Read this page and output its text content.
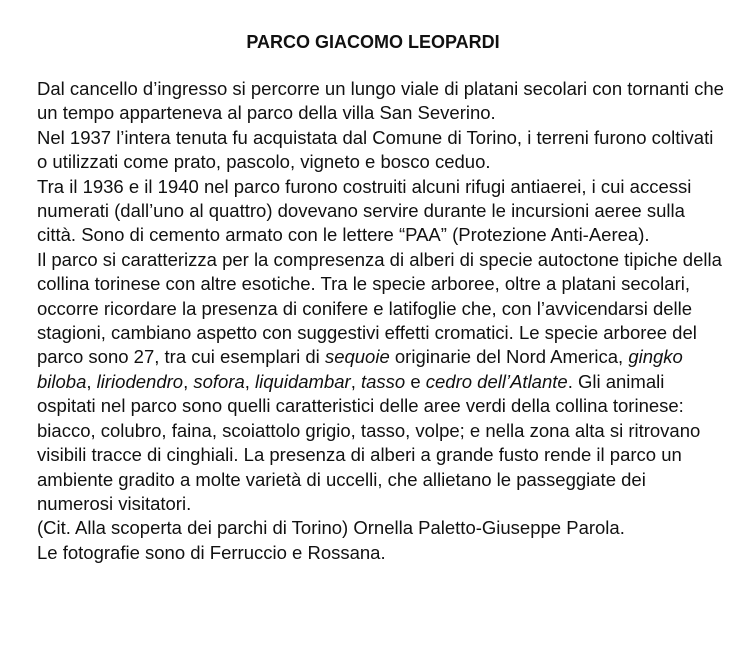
PARCO GIACOMO LEOPARDI

Dal cancello d’ingresso si percorre un lungo viale di platani secolari con tornanti che un tempo apparteneva al parco della villa San Severino.

Nel 1937 l’intera tenuta fu acquistata dal Comune di Torino, i terreni furono coltivati o utilizzati come prato, pascolo, vigneto e bosco ceduo.

Tra il 1936 e il 1940 nel parco furono costruiti alcuni rifugi antiaerei, i cui accessi numerati (dall’uno al quattro) dovevano servire durante le incursioni aeree sulla città. Sono di cemento armato con le lettere “PAA” (Protezione Anti-Aerea).

Il parco si caratterizza per la compresenza di alberi di specie autoctone tipiche della collina torinese con altre esotiche. Tra le specie arboree, oltre a platani secolari, occorre ricordare la presenza di conifere e latifoglie che, con l’avvicendarsi delle stagioni, cambiano aspetto con suggestivi effetti cromatici. Le specie arboree del parco sono 27, tra cui esemplari di sequoie originarie del Nord America, gingko biloba, liriodendro, sofora, liquidambar, tasso e cedro dell’Atlante. Gli animali ospitati nel parco sono quelli caratteristici delle aree verdi della collina torinese: biacco, colubro, faina, scoiattolo grigio, tasso, volpe; e nella zona alta si ritrovano visibili tracce di cinghiali. La presenza di alberi a grande fusto rende il parco un ambiente gradito a molte varietà di uccelli, che allietano le passeggiate dei numerosi visitatori.

(Cit. Alla scoperta dei parchi di Torino) Ornella Paletto-Giuseppe Parola.

Le fotografie sono di Ferruccio e Rossana.
